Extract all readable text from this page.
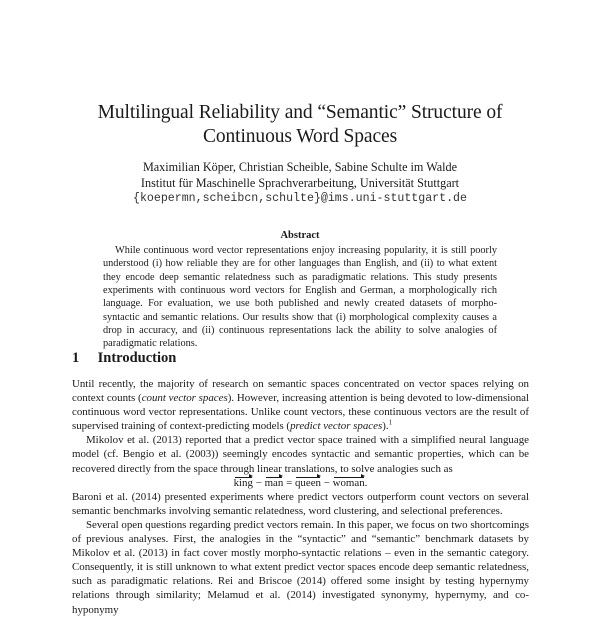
Multilingual Reliability and “Semantic” Structure of
Continuous Word Spaces
Maximilian Köper, Christian Scheible, Sabine Schulte im Walde
Institut für Maschinelle Sprachverarbeitung, Universität Stuttgart
{koepermn,scheibcn,schulte}@ims.uni-stuttgart.de
Abstract

While continuous word vector representations enjoy increasing popularity, it is still poorly understood (i) how reliable they are for other languages than English, and (ii) to what extent they encode deep semantic relatedness such as paradigmatic relations. This study presents experiments with continuous word vectors for English and German, a morphologically rich language. For evaluation, we use both published and newly created datasets of morpho-syntactic and semantic relations. Our results show that (i) morphological complexity causes a drop in accuracy, and (ii) continuous representations lack the ability to solve analogies of paradigmatic relations.

1 Introduction

Until recently, the majority of research on semantic spaces concentrated on vector spaces relying on context counts (count vector spaces). However, increasing attention is being devoted to low-dimensional continuous word vector representations. Unlike count vectors, these continuous vectors are the result of supervised training of context-predicting models (predict vector spaces).$^1$

Mikolov et al. (2013) reported that a predict vector space trained with a simplified neural language model (cf. Bengio et al. (2003)) seemingly encodes syntactic and semantic properties, which can be recovered directly from the space through linear translations, to solve analogies such as

king − man = queen − woman.

Baroni et al. (2014) presented experiments where predict vectors outperform count vectors on several semantic benchmarks involving semantic relatedness, word clustering, and selectional preferences.

Several open questions regarding predict vectors remain. In this paper, we focus on two shortcomings of previous analyses. First, the analogies in the “syntactic” and “semantic” benchmark datasets by Mikolov et al. (2013) in fact cover mostly morpho-syntactic relations – even in the semantic category. Consequently, it is still unknown to what extent predict vector spaces encode deep semantic relatedness, such as paradigmatic relations. Rei and Briscoe (2014) offered some insight by testing hypernymy relations through similarity; Melamud et al. (2014) investigated synonymy, hypernymy, and co-hyponymy
